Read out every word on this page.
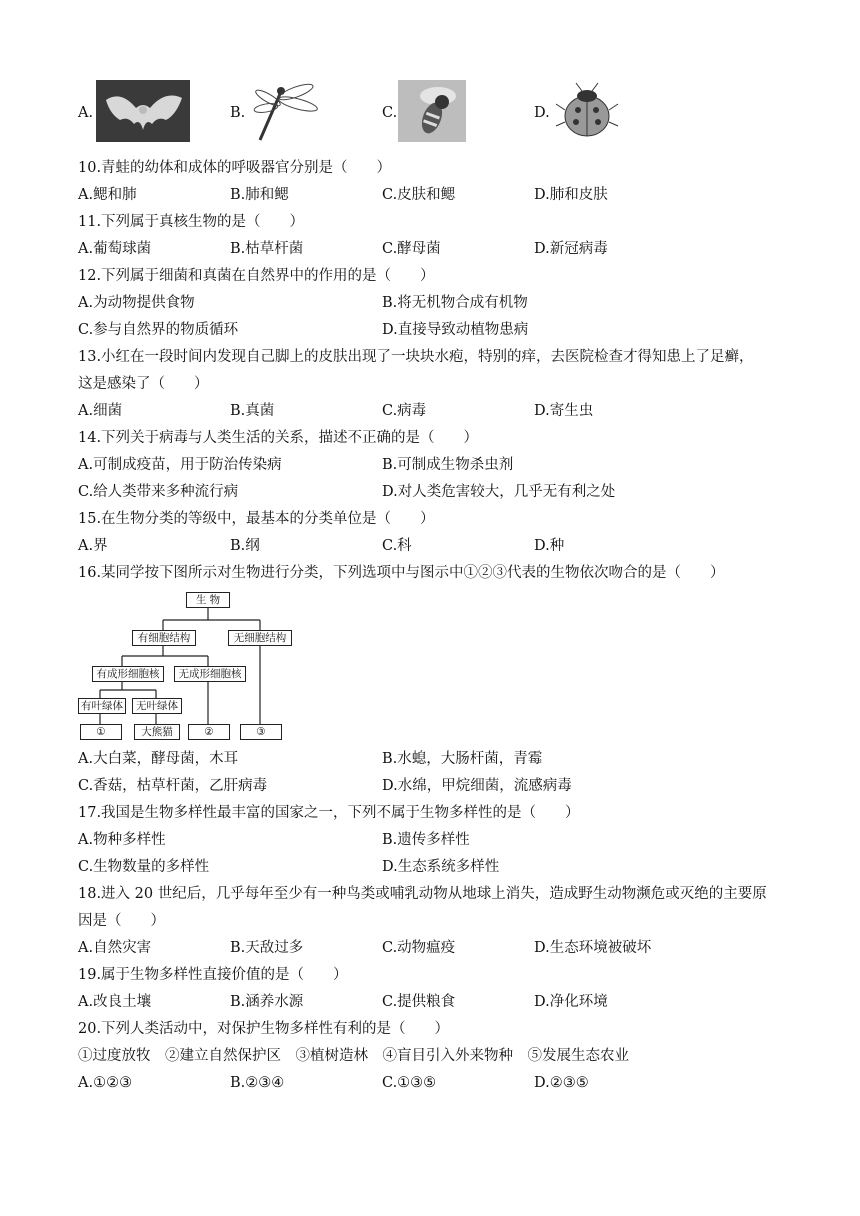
A.	B.	C.	D.
10.青蛙的幼体和成体的呼吸器官分别是（　　）
A.鳃和肺	B.肺和鳃	C.皮肤和鳃	D.肺和皮肤
11.下列属于真核生物的是（　　）
A.葡萄球菌	B.枯草杆菌	C.酵母菌	D.新冠病毒
12.下列属于细菌和真菌在自然界中的作用的是（　　）
A.为动物提供食物	B.将无机物合成有机物
C.参与自然界的物质循环	D.直接导致动植物患病
13.小红在一段时间内发现自己脚上的皮肤出现了一块块水疱，特别的痒，去医院检查才得知患上了足癣，
这是感染了（　　）
A.细菌	B.真菌	C.病毒	D.寄生虫
14.下列关于病毒与人类生活的关系，描述不正确的是（　　）
A.可制成疫苗，用于防治传染病	B.可制成生物杀虫剂
C.给人类带来多种流行病	D.对人类危害较大，几乎无有利之处
15.在生物分类的等级中，最基本的分类单位是（　　）
A.界	B.纲	C.科	D.种
16.某同学按下图所示对生物进行分类，下列选项中与图示中①②③代表的生物依次吻合的是（　　）
生 物
有细胞结构	无细胞结构
有成形细胞核	无成形细胞核
有叶绿体	无叶绿体
①	大熊猫	②	③
A.大白菜，酵母菌，木耳	B.水螅，大肠杆菌，青霉
C.香菇，枯草杆菌，乙肝病毒	D.水绵，甲烷细菌，流感病毒
17.我国是生物多样性最丰富的国家之一，下列不属于生物多样性的是（　　）
A.物种多样性	B.遗传多样性
C.生物数量的多样性	D.生态系统多样性
18.进入 20 世纪后，几乎每年至少有一种鸟类或哺乳动物从地球上消失，造成野生动物濒危或灭绝的主要原
因是（　　）
A.自然灾害	B.天敌过多	C.动物瘟疫	D.生态环境被破坏
19.属于生物多样性直接价值的是（　　）
A.改良土壤	B.涵养水源	C.提供粮食	D.净化环境
20.下列人类活动中，对保护生物多样性有利的是（　　）
①过度放牧　②建立自然保护区　③植树造林　④盲目引入外来物种　⑤发展生态农业
A.①②③	B.②③④	C.①③⑤	D.②③⑤
